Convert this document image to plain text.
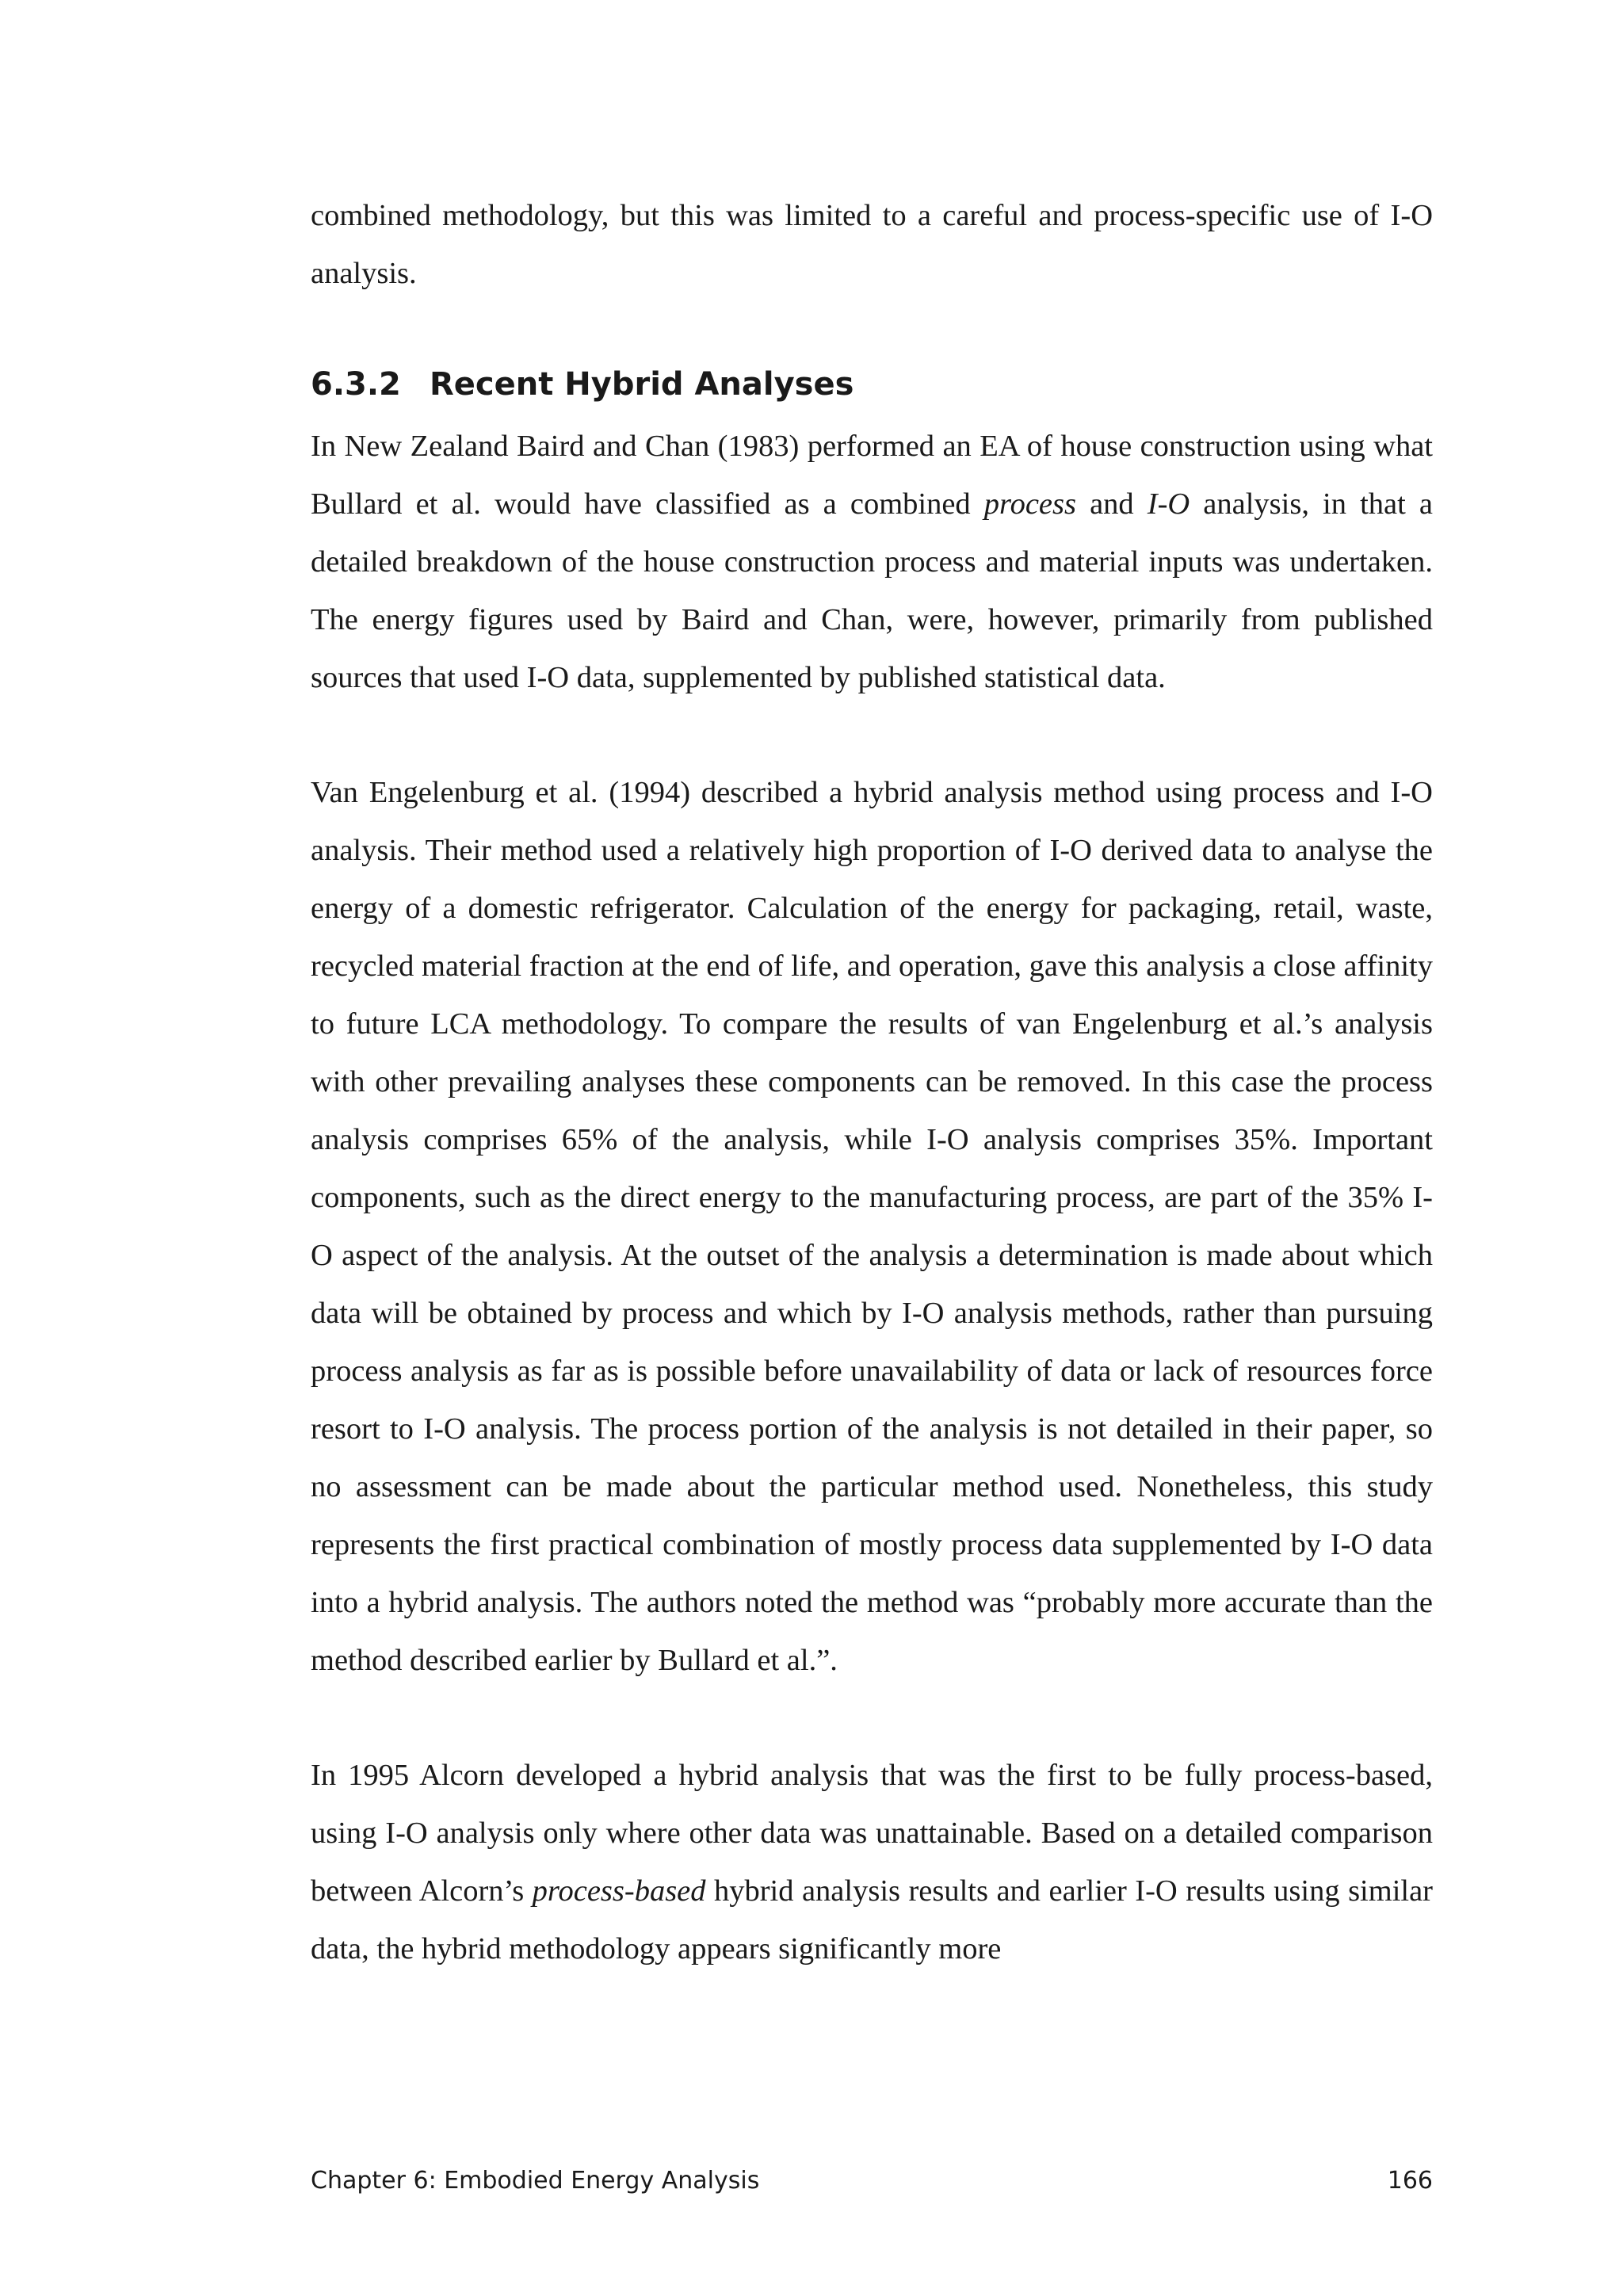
combined methodology, but this was limited to a careful and process-specific use of I-O analysis.

6.3.2 Recent Hybrid Analyses

In New Zealand Baird and Chan (1983) performed an EA of house construction using what Bullard et al. would have classified as a combined process and I-O analysis, in that a detailed breakdown of the house construction process and material inputs was undertaken. The energy figures used by Baird and Chan, were, however, primarily from published sources that used I-O data, supplemented by published statistical data.

Van Engelenburg et al. (1994) described a hybrid analysis method using process and I-O analysis. Their method used a relatively high proportion of I-O derived data to analyse the energy of a domestic refrigerator. Calculation of the energy for packaging, retail, waste, recycled material fraction at the end of life, and operation, gave this analysis a close affinity to future LCA methodology. To compare the results of van Engelenburg et al.’s analysis with other prevailing analyses these components can be removed. In this case the process analysis comprises 65% of the analysis, while I-O analysis comprises 35%. Important components, such as the direct energy to the manufacturing process, are part of the 35% I-O aspect of the analysis. At the outset of the analysis a determination is made about which data will be obtained by process and which by I-O analysis methods, rather than pursuing process analysis as far as is possible before unavailability of data or lack of resources force resort to I-O analysis. The process portion of the analysis is not detailed in their paper, so no assessment can be made about the particular method used. Nonetheless, this study represents the first practical combination of mostly process data supplemented by I-O data into a hybrid analysis. The authors noted the method was “probably more accurate than the method described earlier by Bullard et al.”.

In 1995 Alcorn developed a hybrid analysis that was the first to be fully process-based, using I-O analysis only where other data was unattainable. Based on a detailed comparison between Alcorn’s process-based hybrid analysis results and earlier I-O results using similar data, the hybrid methodology appears significantly more

Chapter 6: Embodied Energy Analysis	166
